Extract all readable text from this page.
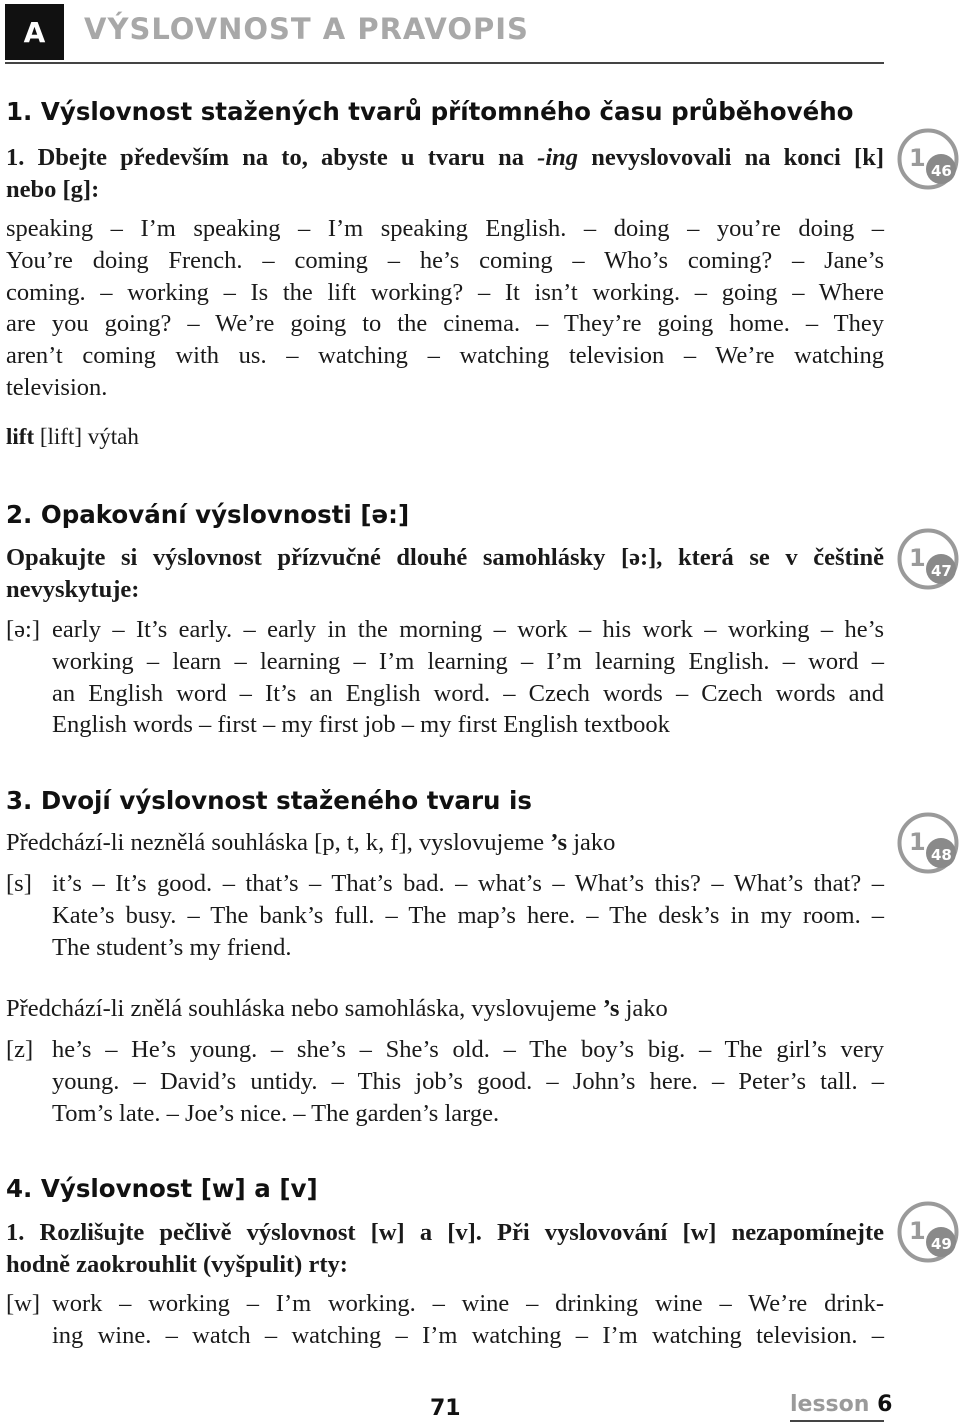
A VÝSLOVNOST A PRAVOPIS
1. Výslovnost stažených tvarů přítomného času průběhového
1. Dbejte především na to, abyste u tvaru na -ing nevyslovovali na konci [k]
nebo [g]:
speaking – I’m speaking – I’m speaking English. – doing – you’re doing –
You’re doing French. – coming – he’s coming – Who’s coming? – Jane’s
coming. – working – Is the lift working? – It isn’t working. – going – Where
are you going? – We’re going to the cinema. – They’re going home. – They
aren’t coming with us. – watching – watching television – We’re watching
television.
lift [lift] výtah
1 46
2. Opakování výslovnosti [ə:]
Opakujte si výslovnost přízvučné dlouhé samohlásky [ə:], která se v češtině
nevyskytuje:
[ə:] early – It’s early. – early in the morning – work – his work – working – he’s
working – learn – learning – I’m learning – I’m learning English. – word –
an English word – It’s an English word. – Czech words – Czech words and
English words – first – my first job – my first English textbook
1 47
3. Dvojí výslovnost staženého tvaru is
Předchází-li neznělá souhláska [p, t, k, f], vyslovujeme ’s jako
[s] it’s – It’s good. – that’s – That’s bad. – what’s – What’s this? – What’s that? –
Kate’s busy. – The bank’s full. – The map’s here. – The desk’s in my room. –
The student’s my friend.
1 48
Předchází-li znělá souhláska nebo samohláska, vyslovujeme ’s jako
[z] he’s – He’s young. – she’s – She’s old. – The boy’s big. – The girl’s very
young. – David’s untidy. – This job’s good. – John’s here. – Peter’s tall. –
Tom’s late. – Joe’s nice. – The garden’s large.
4. Výslovnost [w] a [v]
1. Rozlišujte pečlivě výslovnost [w] a [v]. Při vyslovování [w] nezapomínejte
hodně zaokrouhlit (vyšpulit) rty:
[w] work – working – I’m working. – wine – drinking wine – We’re drink-
ing wine. – watch – watching – I’m watching – I’m watching television. –
1 49
71	lesson 6
